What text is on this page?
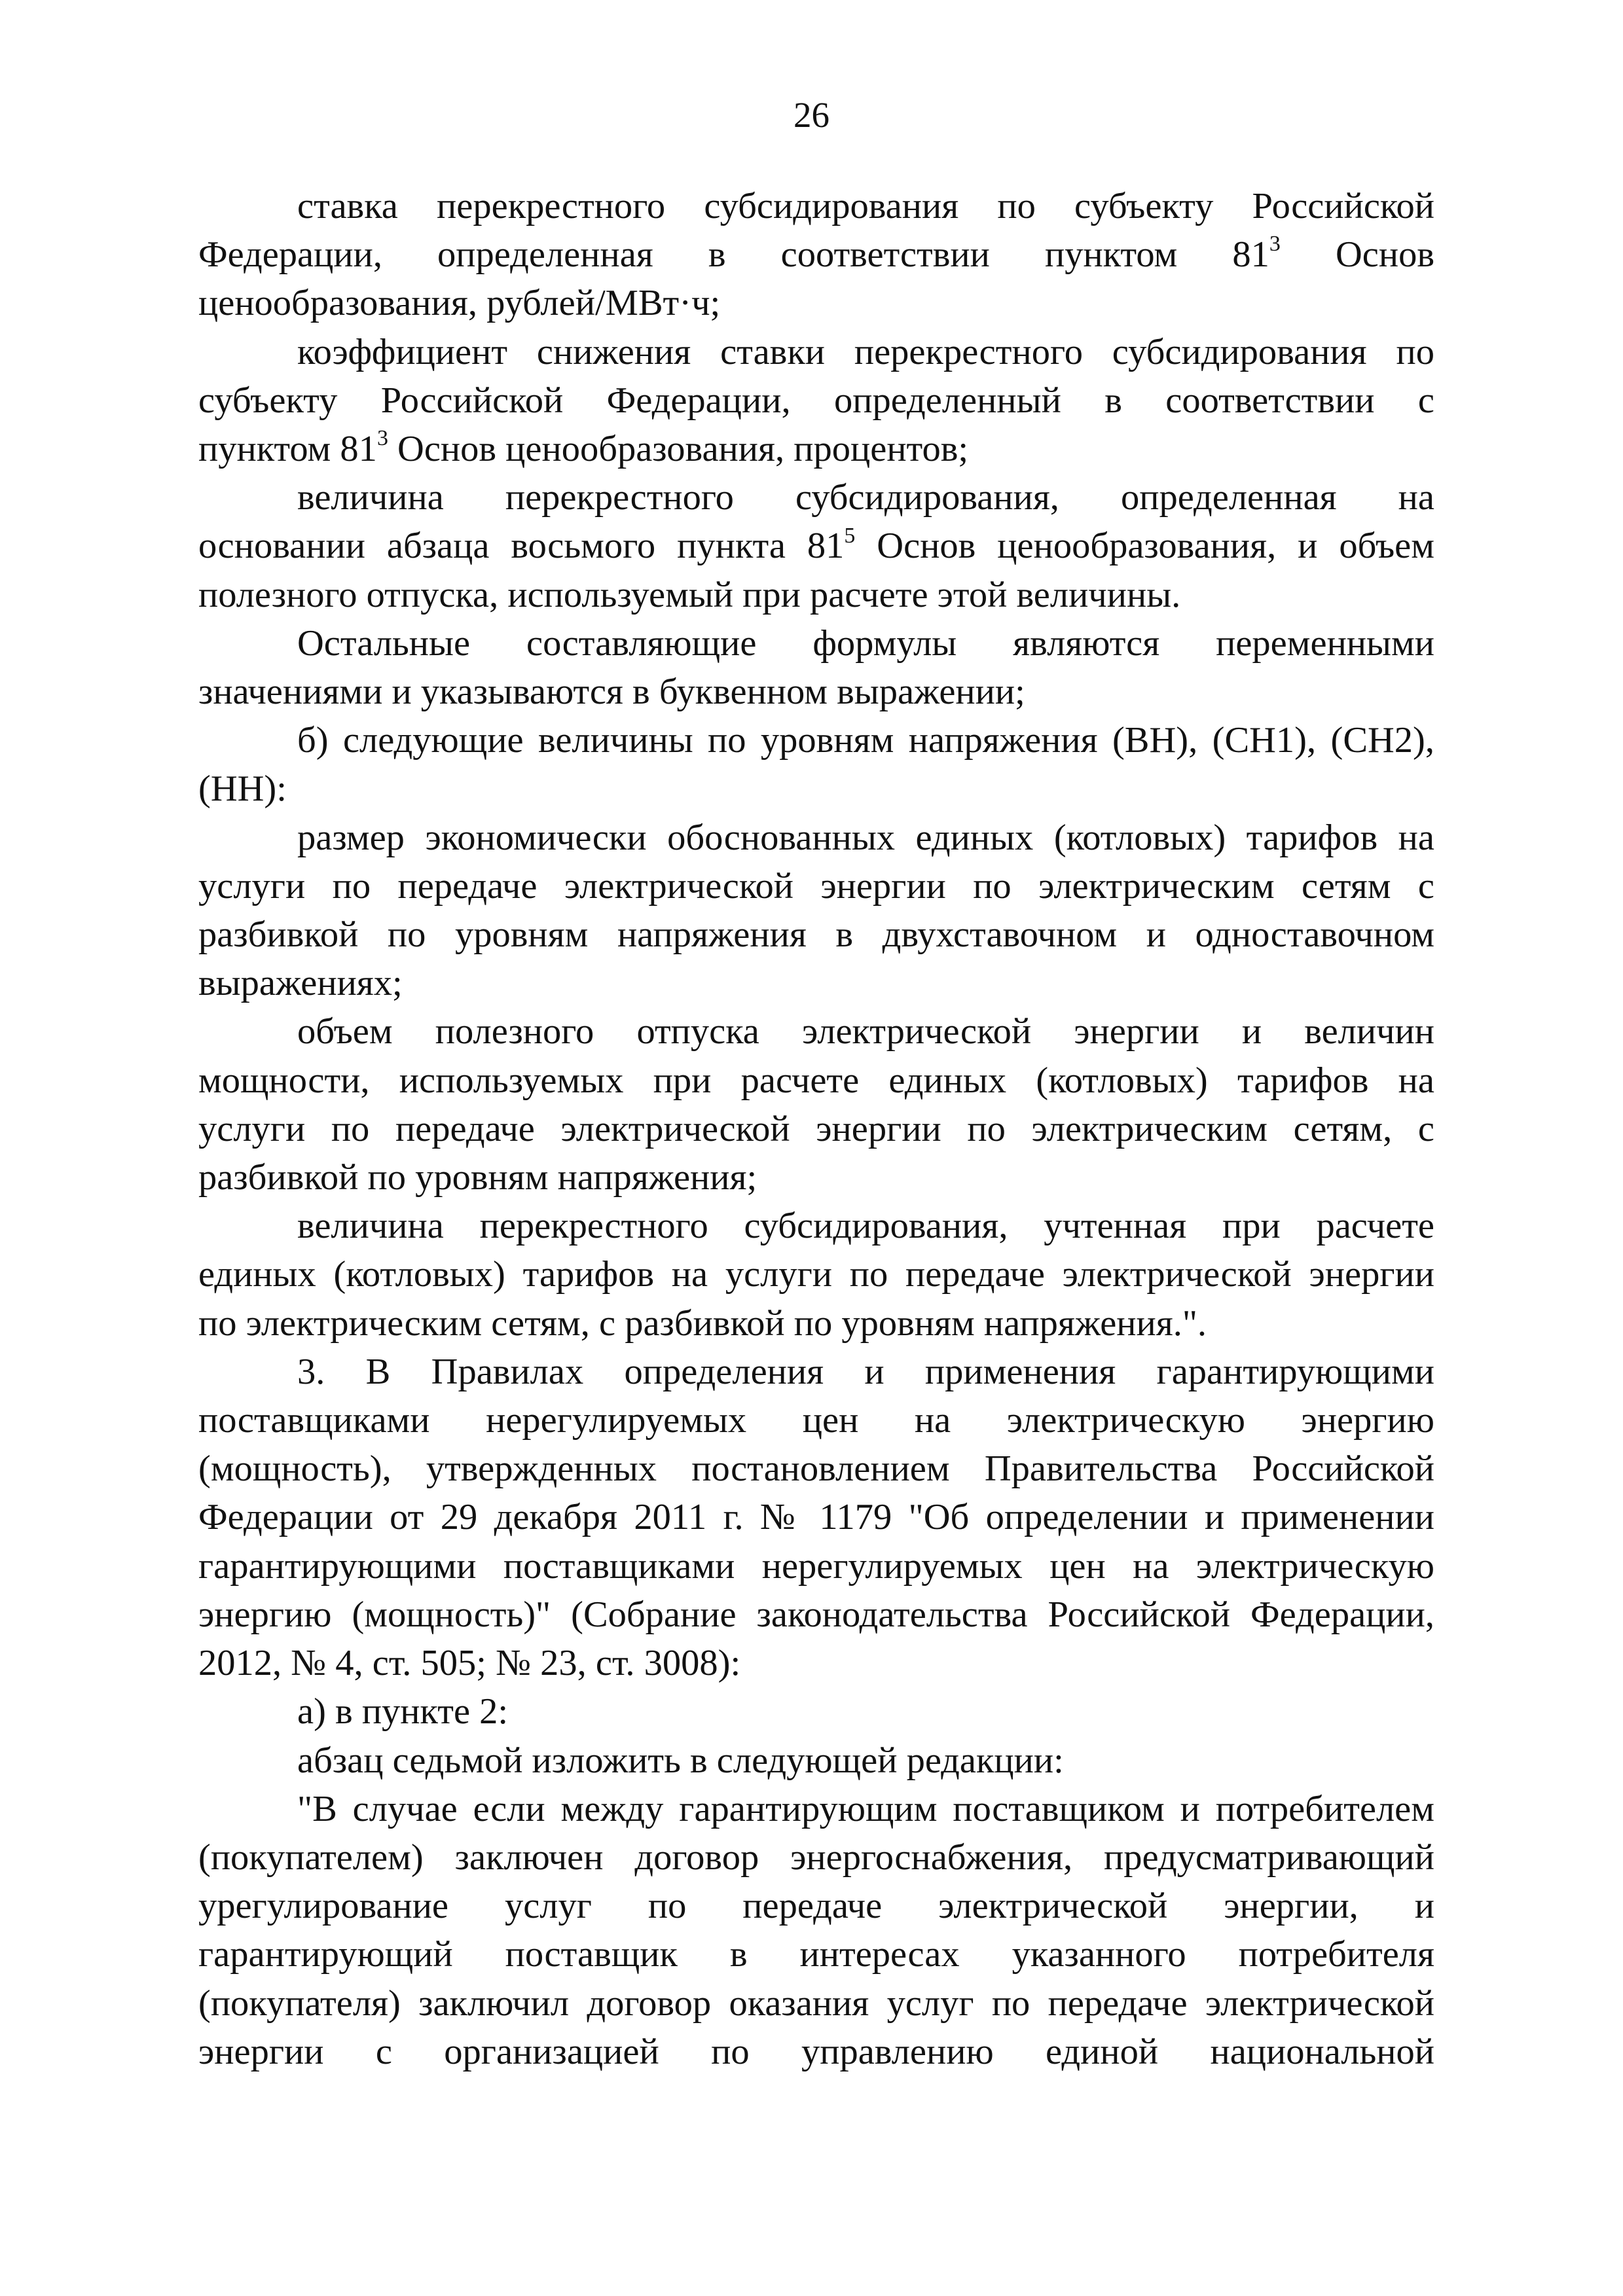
26
ставка перекрестного субсидирования по субъекту Российской
Федерации, определенная в соответствии пунктом $81^3$ Основ
ценообразования, рублей/МВт·ч;
коэффициент снижения ставки перекрестного субсидирования по
субъекту Российской Федерации, определенный в соответствии с
пунктом $81^3$ Основ ценообразования, процентов;
величина перекрестного субсидирования, определенная на
основании абзаца восьмого пункта $81^5$ Основ ценообразования, и объем
полезного отпуска, используемый при расчете этой величины.
Остальные составляющие формулы являются переменными
значениями и указываются в буквенном выражении;
б) следующие величины по уровням напряжения (ВН), (СН1), (СН2),
(НН):
размер экономически обоснованных единых (котловых) тарифов на
услуги по передаче электрической энергии по электрическим сетям с
разбивкой по уровням напряжения в двухставочном и одноставочном
выражениях;
объем полезного отпуска электрической энергии и величин
мощности, используемых при расчете единых (котловых) тарифов на
услуги по передаче электрической энергии по электрическим сетям, с
разбивкой по уровням напряжения;
величина перекрестного субсидирования, учтенная при расчете
единых (котловых) тарифов на услуги по передаче электрической энергии
по электрическим сетям, с разбивкой по уровням напряжения.".
3. В Правилах определения и применения гарантирующими
поставщиками нерегулируемых цен на электрическую энергию
(мощность), утвержденных постановлением Правительства Российской
Федерации от 29 декабря 2011 г. № 1179 "Об определении и применении
гарантирующими поставщиками нерегулируемых цен на электрическую
энергию (мощность)" (Собрание законодательства Российской Федерации,
2012, № 4, ст. 505; № 23, ст. 3008):
а) в пункте 2:
абзац седьмой изложить в следующей редакции:
"В случае если между гарантирующим поставщиком и потребителем
(покупателем) заключен договор энергоснабжения, предусматривающий
урегулирование услуг по передаче электрической энергии, и
гарантирующий поставщик в интересах указанного потребителя
(покупателя) заключил договор оказания услуг по передаче электрической
энергии с организацией по управлению единой национальной
